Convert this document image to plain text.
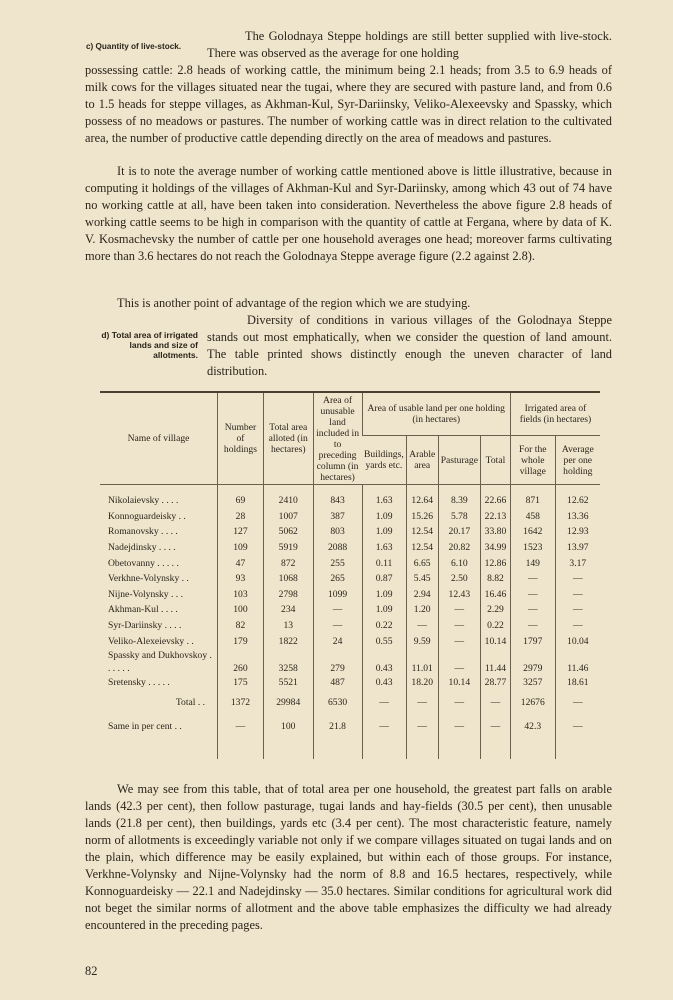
c) Quantity of live-stock.

The Golodnaya Steppe holdings are still better supplied with live-stock. There was observed as the average for one holding

possessing cattle: 2.8 heads of working cattle, the minimum being 2.1 heads; from 3.5 to 6.9 heads of milk cows for the villages situated near the tugai, where they are secured with pasture land, and from 0.6 to 1.5 heads for steppe villages, as Akhman-Kul, Syr-Dariinsky, Veliko-Alexeevsky and Spassky, which possess of no meadows or pastures. The number of working cattle was in direct relation to the cultivated area, the number of productive cattle depending directly on the area of meadows and pastures.

It is to note the average number of working cattle mentioned above is little illustrative, because in computing it holdings of the villages of Akhman-Kul and Syr-Dariinsky, among which 43 out of 74 have no working cattle at all, have been taken into consideration. Nevertheless the above figure 2.8 heads of working cattle seems to be high in comparison with the quantity of cattle at Fergana, where by data of K. V. Kosmachevsky the number of cattle per one household averages one head; moreover farms cultivating more than 3.6 hectares do not reach the Golodnaya Steppe average figure (2.2 against 2.8).

This is another point of advantage of the region which we are studying.

Diversity of conditions in various villages of the Golodnaya Steppe stands out most emphatically, when we consider the question of land amount. The table printed shows distinctly enough the uneven character of land distribution.

d) Total area of irrigated lands and size of allotments.
Name of village	Number of holdings	Total area alloted (in hectares)	Area of unusable land included in to preceding column (in hectares)	Area of usable land per one holding (in hectares)				Irrigated area of fields (in hectares)	
				Buildings, yards etc.	Arable area	Pasturage	Total	For the whole village	Average per one holding

Nikolaievsky . . . .	69	2410	843	1.63	12.64	8.39	22.66	871	12.62
Konnoguardeisky . .	28	1007	387	1.09	15.26	5.78	22.13	458	13.36
Romanovsky . . . .	127	5062	803	1.09	12.54	20.17	33.80	1642	12.93
Nadejdinsky . . . .	109	5919	2088	1.63	12.54	20.82	34.99	1523	13.97
Obetovanny . . . . .	47	872	255	0.11	6.65	6.10	12.86	149	3.17
Verkhne-Volynsky . .	93	1068	265	0.87	5.45	2.50	8.82	—	—
Nijne-Volynsky . . .	103	2798	1099	1.09	2.94	12.43	16.46	—	—
Akhman-Kul . . . .	100	234	—	1.09	1.20	—	2.29	—	—
Syr-Dariinsky . . . .	82	13	—	0.22	—	—	0.22	—	—
Veliko-Alexeievsky . .	179	1822	24	0.55	9.59	—	10.14	1797	10.04
Spassky and Dukhovskoy . . . . . .	260	3258	279	0.43	11.01	—	11.44	2979	11.46
Sretensky . . . . .	175	5521	487	0.43	18.20	10.14	28.77	3257	18.61
Total . .	1372	29984	6530	—	—	—	—	12676	—
Same in per cent . .	—	100	21.8	—	—	—	—	42.3	—

We may see from this table, that of total area per one household, the greatest part falls on arable lands (42.3 per cent), then follow pasturage, tugai lands and hay-fields (30.5 per cent), then unusable lands (21.8 per cent), then buildings, yards etc (3.4 per cent). The most characteristic feature, namely norm of allotments is exceedingly variable not only if we compare villages situated on tugai lands and on the plain, which difference may be easily explained, but within each of those groups. For instance, Verkhne-Volynsky and Nijne-Volynsky had the norm of 8.8 and 16.5 hectares, respectively, while Konnoguardeisky — 22.1 and Nadejdinsky — 35.0 hectares. Similar conditions for agricultural work did not beget the similar norms of allotment and the above table emphasizes the difficulty we had already encountered in the preceding pages.

82
